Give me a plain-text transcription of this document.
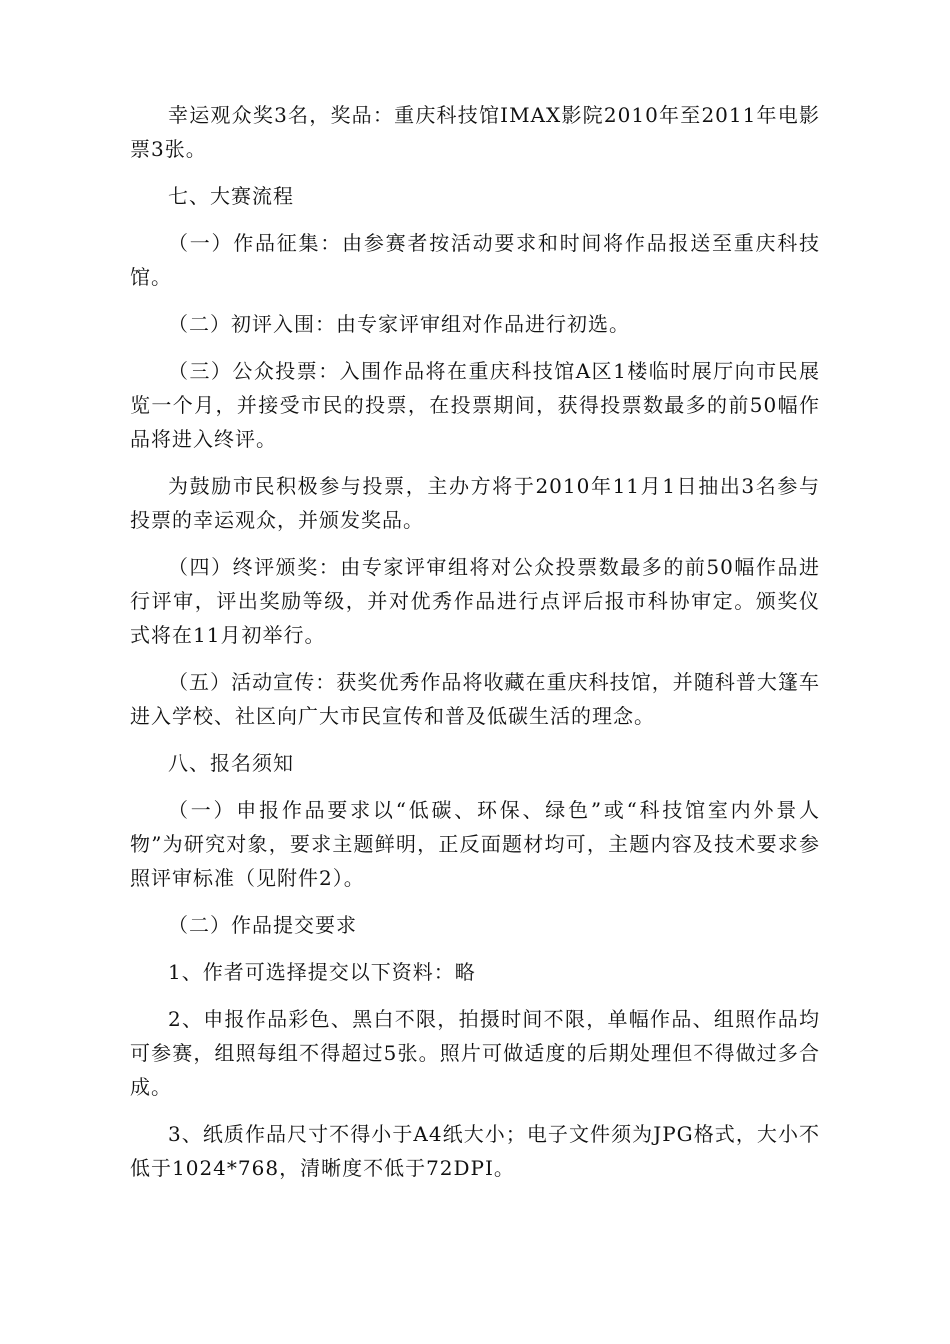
幸运观众奖3名，奖品：重庆科技馆IMAX影院2010年至2011年电影票3张。

七、大赛流程

（一）作品征集：由参赛者按活动要求和时间将作品报送至重庆科技馆。

（二）初评入围：由专家评审组对作品进行初选。

（三）公众投票：入围作品将在重庆科技馆A区1楼临时展厅向市民展览一个月，并接受市民的投票，在投票期间，获得投票数最多的前50幅作品将进入终评。

为鼓励市民积极参与投票，主办方将于2010年11月1日抽出3名参与投票的幸运观众，并颁发奖品。

（四）终评颁奖：由专家评审组将对公众投票数最多的前50幅作品进行评审，评出奖励等级，并对优秀作品进行点评后报市科协审定。颁奖仪式将在11月初举行。

（五）活动宣传：获奖优秀作品将收藏在重庆科技馆，并随科普大篷车进入学校、社区向广大市民宣传和普及低碳生活的理念。

八、报名须知

（一）申报作品要求以“低碳、环保、绿色”或“科技馆室内外景人物”为研究对象，要求主题鲜明，正反面题材均可，主题内容及技术要求参照评审标准（见附件2）。

（二）作品提交要求

1、作者可选择提交以下资料：略

2、申报作品彩色、黑白不限，拍摄时间不限，单幅作品、组照作品均可参赛，组照每组不得超过5张。照片可做适度的后期处理但不得做过多合成。

3、纸质作品尺寸不得小于A4纸大小；电子文件须为JPG格式，大小不低于1024*768，清晰度不低于72DPI。
